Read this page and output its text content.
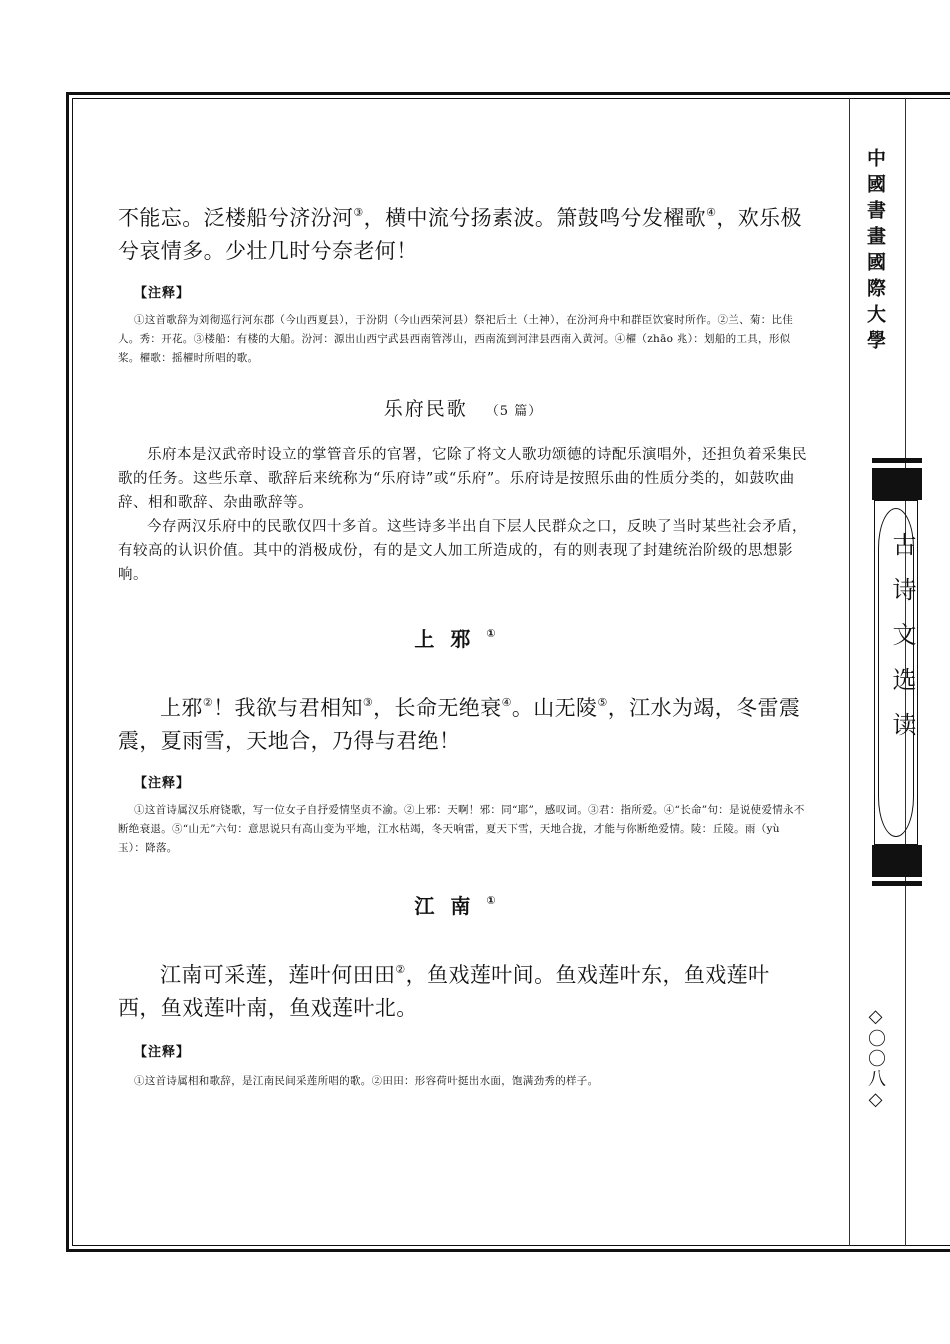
中國書畫國際大學
古诗文选读
◇〇〇八◇

不能忘。泛楼船兮济汾河③，横中流兮扬素波。箫鼓鸣兮发櫂歌④，欢乐极兮哀情多。少壮几时兮奈老何！

【注释】

①这首歌辞为刘彻巡行河东郡（今山西夏县），于汾阴（今山西荣河县）祭祀后土（土神），在汾河舟中和群臣饮宴时所作。②兰、菊：比佳人。秀：开花。③楼船：有楼的大船。汾河：源出山西宁武县西南管涔山，西南流到河津县西南入黄河。④櫂（zhāo 兆）：划船的工具，形似桨。櫂歌：摇櫂时所唱的歌。

乐府民歌 （5 篇）

乐府本是汉武帝时设立的掌管音乐的官署，它除了将文人歌功颂德的诗配乐演唱外，还担负着采集民歌的任务。这些乐章、歌辞后来统称为“乐府诗”或“乐府”。乐府诗是按照乐曲的性质分类的，如鼓吹曲辞、相和歌辞、杂曲歌辞等。

今存两汉乐府中的民歌仅四十多首。这些诗多半出自下层人民群众之口，反映了当时某些社会矛盾，有较高的认识价值。其中的消极成份，有的是文人加工所造成的，有的则表现了封建统治阶级的思想影响。

上邪①

上邪②！我欲与君相知③，长命无绝衰④。山无陵⑤，江水为竭，冬雷震震，夏雨雪，天地合，乃得与君绝！

【注释】

①这首诗属汉乐府铙歌，写一位女子自抒爱情坚贞不渝。②上邪：天啊！邪：同“耶”，感叹词。③君：指所爱。④“长命”句：是说使爱情永不断绝衰退。⑤“山无”六句：意思说只有高山变为平地，江水枯竭，冬天响雷，夏天下雪，天地合拢，才能与你断绝爱情。陵：丘陵。雨（yù 玉）：降落。

江南①

江南可采莲，莲叶何田田②，鱼戏莲叶间。鱼戏莲叶东，鱼戏莲叶西，鱼戏莲叶南，鱼戏莲叶北。

【注释】

①这首诗属相和歌辞，是江南民间采莲所唱的歌。②田田：形容荷叶挺出水面，饱满劲秀的样子。
